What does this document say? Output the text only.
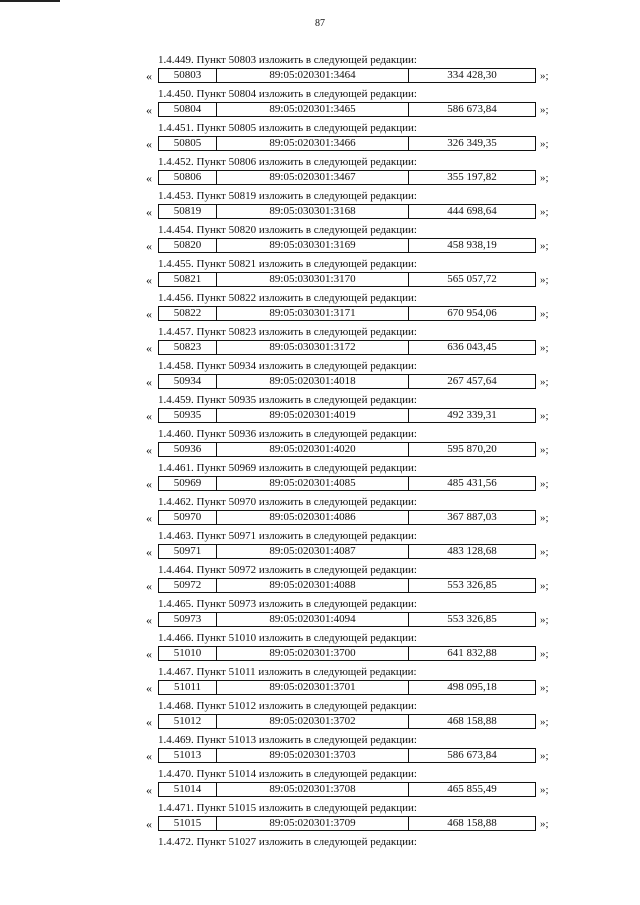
87
1.4.449. Пункт 50803 изложить в следующей редакции:
«	50803	89:05:020301:3464	334 428,30	»;
1.4.450. Пункт 50804 изложить в следующей редакции:
«	50804	89:05:020301:3465	586 673,84	»;
1.4.451. Пункт 50805 изложить в следующей редакции:
«	50805	89:05:020301:3466	326 349,35	»;
1.4.452. Пункт 50806 изложить в следующей редакции:
«	50806	89:05:020301:3467	355 197,82	»;
1.4.453. Пункт 50819 изложить в следующей редакции:
«	50819	89:05:030301:3168	444 698,64	»;
1.4.454. Пункт 50820 изложить в следующей редакции:
«	50820	89:05:030301:3169	458 938,19	»;
1.4.455. Пункт 50821 изложить в следующей редакции:
«	50821	89:05:030301:3170	565 057,72	»;
1.4.456. Пункт 50822 изложить в следующей редакции:
«	50822	89:05:030301:3171	670 954,06	»;
1.4.457. Пункт 50823 изложить в следующей редакции:
«	50823	89:05:030301:3172	636 043,45	»;
1.4.458. Пункт 50934 изложить в следующей редакции:
«	50934	89:05:020301:4018	267 457,64	»;
1.4.459. Пункт 50935 изложить в следующей редакции:
«	50935	89:05:020301:4019	492 339,31	»;
1.4.460. Пункт 50936 изложить в следующей редакции:
«	50936	89:05:020301:4020	595 870,20	»;
1.4.461. Пункт 50969 изложить в следующей редакции:
«	50969	89:05:020301:4085	485 431,56	»;
1.4.462. Пункт 50970 изложить в следующей редакции:
«	50970	89:05:020301:4086	367 887,03	»;
1.4.463. Пункт 50971 изложить в следующей редакции:
«	50971	89:05:020301:4087	483 128,68	»;
1.4.464. Пункт 50972 изложить в следующей редакции:
«	50972	89:05:020301:4088	553 326,85	»;
1.4.465. Пункт 50973 изложить в следующей редакции:
«	50973	89:05:020301:4094	553 326,85	»;
1.4.466. Пункт 51010 изложить в следующей редакции:
«	51010	89:05:020301:3700	641 832,88	»;
1.4.467. Пункт 51011 изложить в следующей редакции:
«	51011	89:05:020301:3701	498 095,18	»;
1.4.468. Пункт 51012 изложить в следующей редакции:
«	51012	89:05:020301:3702	468 158,88	»;
1.4.469. Пункт 51013 изложить в следующей редакции:
«	51013	89:05:020301:3703	586 673,84	»;
1.4.470. Пункт 51014 изложить в следующей редакции:
«	51014	89:05:020301:3708	465 855,49	»;
1.4.471. Пункт 51015 изложить в следующей редакции:
«	51015	89:05:020301:3709	468 158,88	»;
1.4.472. Пункт 51027 изложить в следующей редакции:
